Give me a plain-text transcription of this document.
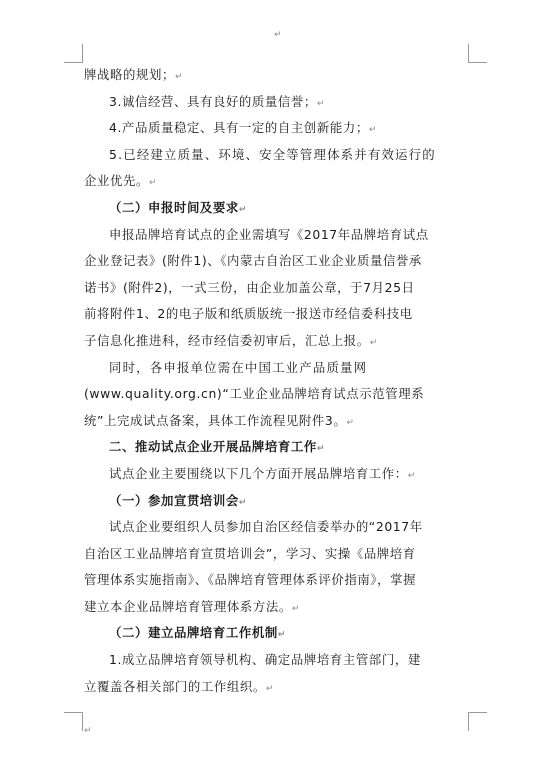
↵
牌战略的规划；↵
3.诚信经营、具有良好的质量信誉；↵
4.产品质量稳定、具有一定的自主创新能力；↵
5.已经建立质量、环境、安全等管理体系并有效运行的
企业优先。↵
（二）申报时间及要求↵
申报品牌培育试点的企业需填写《2017年品牌培育试点
企业登记表》(附件1)、《内蒙古自治区工业企业质量信誉承
诺书》(附件2)，一式三份，由企业加盖公章，于7月25日
前将附件1、2的电子版和纸质版统一报送市经信委科技电
子信息化推进科，经市经信委初审后，汇总上报。↵
同时，各申报单位需在中国工业产品质量网
(www.quality.org.cn)“工业企业品牌培育试点示范管理系
统”上完成试点备案，具体工作流程见附件3。↵
二、推动试点企业开展品牌培育工作↵
试点企业主要围绕以下几个方面开展品牌培育工作：↵
（一）参加宣贯培训会↵
试点企业要组织人员参加自治区经信委举办的“2017年
自治区工业品牌培育宣贯培训会”，学习、实操《品牌培育
管理体系实施指南》、《品牌培育管理体系评价指南》，掌握
建立本企业品牌培育管理体系方法。↵
（二）建立品牌培育工作机制↵
1.成立品牌培育领导机构、确定品牌培育主管部门，建
立覆盖各相关部门的工作组织。↵
↵
